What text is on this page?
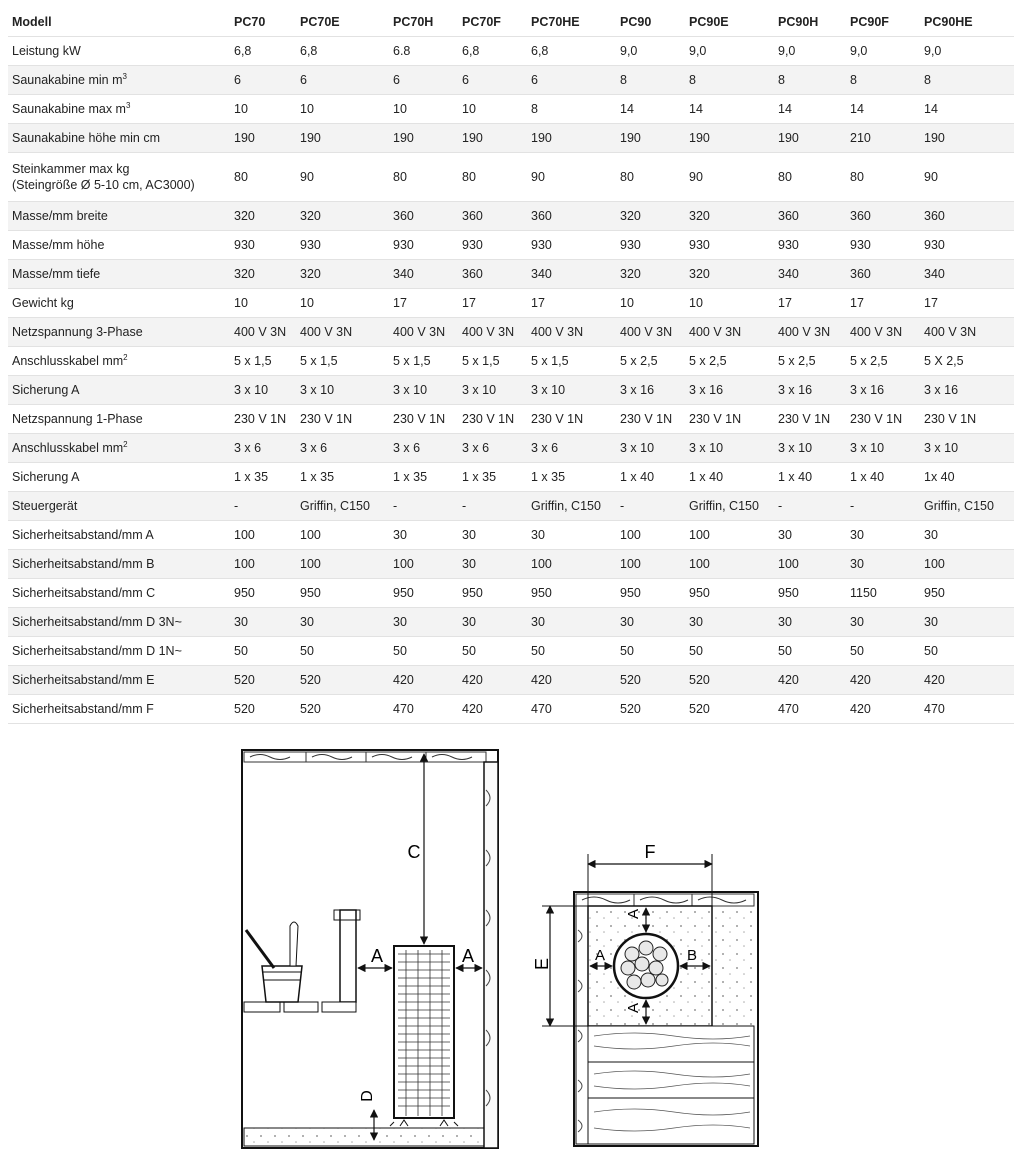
Modell	PC70	PC70E	PC70H	PC70F	PC70HE	PC90	PC90E	PC90H	PC90F	PC90HE
Leistung kW	6,8	6,8	6.8	6,8	6,8	9,0	9,0	9,0	9,0	9,0
Saunakabine $\min m^3$	6	6	6	6	6	8	8	8	8	8
Saunakabine $\max m^3$	10	10	10	10	8	14	14	14	14	14
Saunakabine höhe min cm	190	190	190	190	190	190	190	190	210	190
Steinkammer max kg
(Steingröße Ø 5-10 cm, AC3000)	80	90	80	80	90	80	90	80	80	90
Masse/mm breite	320	320	360	360	360	320	320	360	360	360
Masse/mm höhe	930	930	930	930	930	930	930	930	930	930
Masse/mm tiefe	320	320	340	360	340	320	320	340	360	340
Gewicht kg	10	10	17	17	17	10	10	17	17	17
Netzspannung 3-Phase	400 V 3N	400 V 3N	400 V 3N	400 V 3N	400 V 3N	400 V 3N	400 V 3N	400 V 3N	400 V 3N	400 V 3N
Anschlusskabel $mm^2$	5 x 1,5	5 x 1,5	5 x 1,5	5 x 1,5	5 x 1,5	5 x 2,5	5 x 2,5	5 x 2,5	5 x 2,5	5 X 2,5
Sicherung A	3 x 10	3 x 10	3 x 10	3 x 10	3 x 10	3 x 16	3 x 16	3 x 16	3 x 16	3 x 16
Netzspannung 1-Phase	230 V 1N	230 V 1N	230 V 1N	230 V 1N	230 V 1N	230 V 1N	230 V 1N	230 V 1N	230 V 1N	230 V 1N
Anschlusskabel $mm^2$	3 x 6	3 x 6	3 x 6	3 x 6	3 x 6	3 x 10	3 x 10	3 x 10	3 x 10	3 x 10
Sicherung A	1 x 35	1 x 35	1 x 35	1 x 35	1 x 35	1 x 40	1 x 40	1 x 40	1 x 40	1x 40
Steuergerät	-	Griffin, C150	-	-	Griffin, C150	-	Griffin, C150	-	-	Griffin, C150
Sicherheitsabstand/mm A	100	100	30	30	30	100	100	30	30	30
Sicherheitsabstand/mm B	100	100	100	30	100	100	100	100	30	100
Sicherheitsabstand/mm C	950	950	950	950	950	950	950	950	1150	950
Sicherheitsabstand/mm D 3N~	30	30	30	30	30	30	30	30	30	30
Sicherheitsabstand/mm D 1N~	50	50	50	50	50	50	50	50	50	50
Sicherheitsabstand/mm E	520	520	420	420	420	520	520	420	420	420
Sicherheitsabstand/mm F	520	520	470	420	470	520	520	470	420	470
C
A	A
D
F
E
A
A
A	B
